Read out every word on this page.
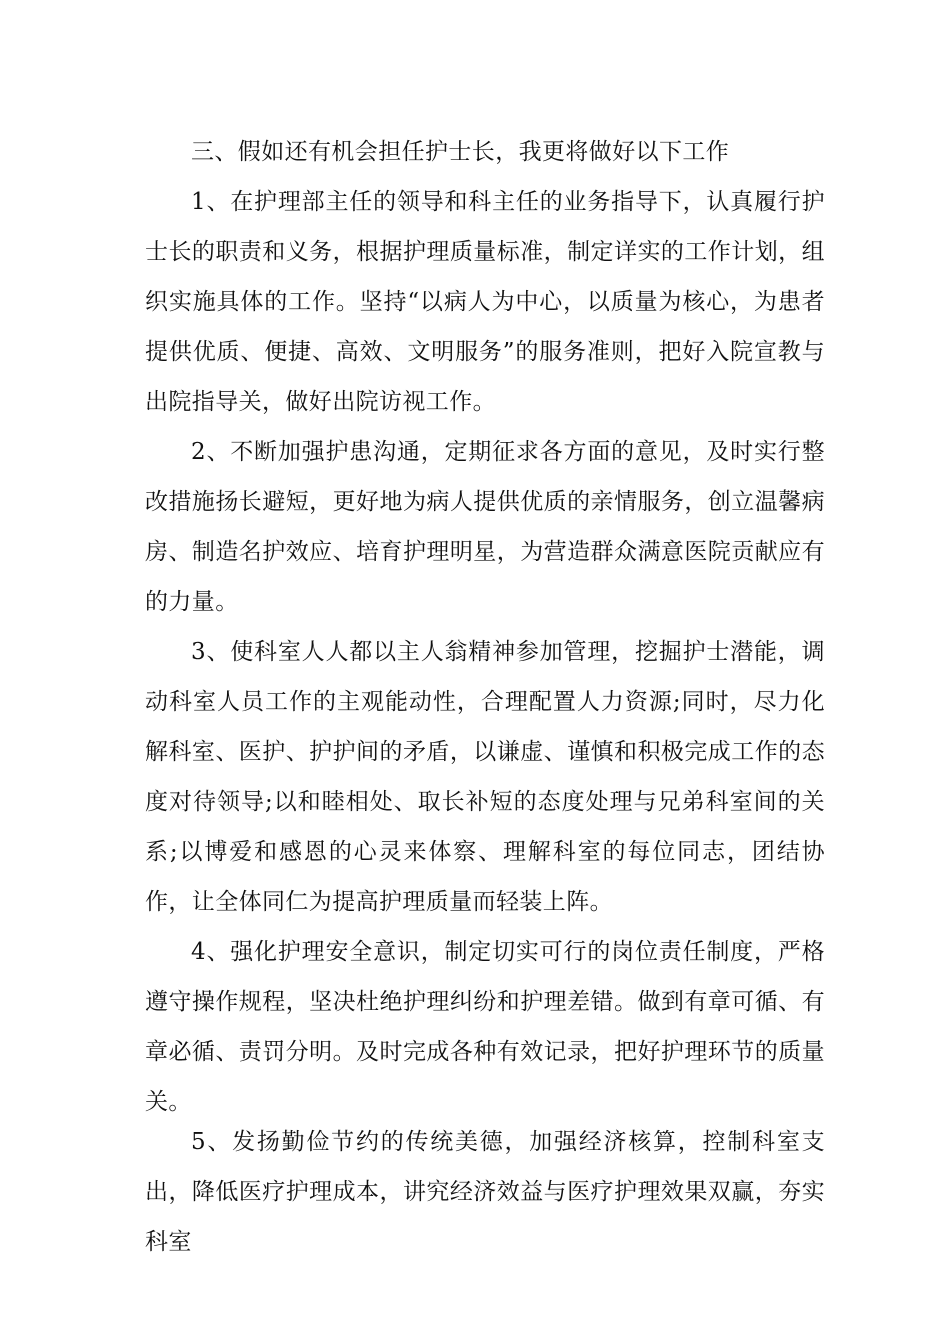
三、假如还有机会担任护士长，我更将做好以下工作

1、在护理部主任的领导和科主任的业务指导下，认真履行护士长的职责和义务，根据护理质量标准，制定详实的工作计划，组织实施具体的工作。坚持“以病人为中心，以质量为核心，为患者提供优质、便捷、高效、文明服务”的服务准则，把好入院宣教与出院指导关，做好出院访视工作。

2、不断加强护患沟通，定期征求各方面的意见，及时实行整改措施扬长避短，更好地为病人提供优质的亲情服务，创立温馨病房、制造名护效应、培育护理明星，为营造群众满意医院贡献应有的力量。

3、使科室人人都以主人翁精神参加管理，挖掘护士潜能，调动科室人员工作的主观能动性，合理配置人力资源;同时，尽力化解科室、医护、护护间的矛盾，以谦虚、谨慎和积极完成工作的态度对待领导;以和睦相处、取长补短的态度处理与兄弟科室间的关系;以博爱和感恩的心灵来体察、理解科室的每位同志，团结协作，让全体同仁为提高护理质量而轻装上阵。

4、强化护理安全意识，制定切实可行的岗位责任制度，严格遵守操作规程，坚决杜绝护理纠纷和护理差错。做到有章可循、有章必循、责罚分明。及时完成各种有效记录，把好护理环节的质量关。

5、发扬勤俭节约的传统美德，加强经济核算，控制科室支出，降低医疗护理成本，讲究经济效益与医疗护理效果双赢，夯实科室
